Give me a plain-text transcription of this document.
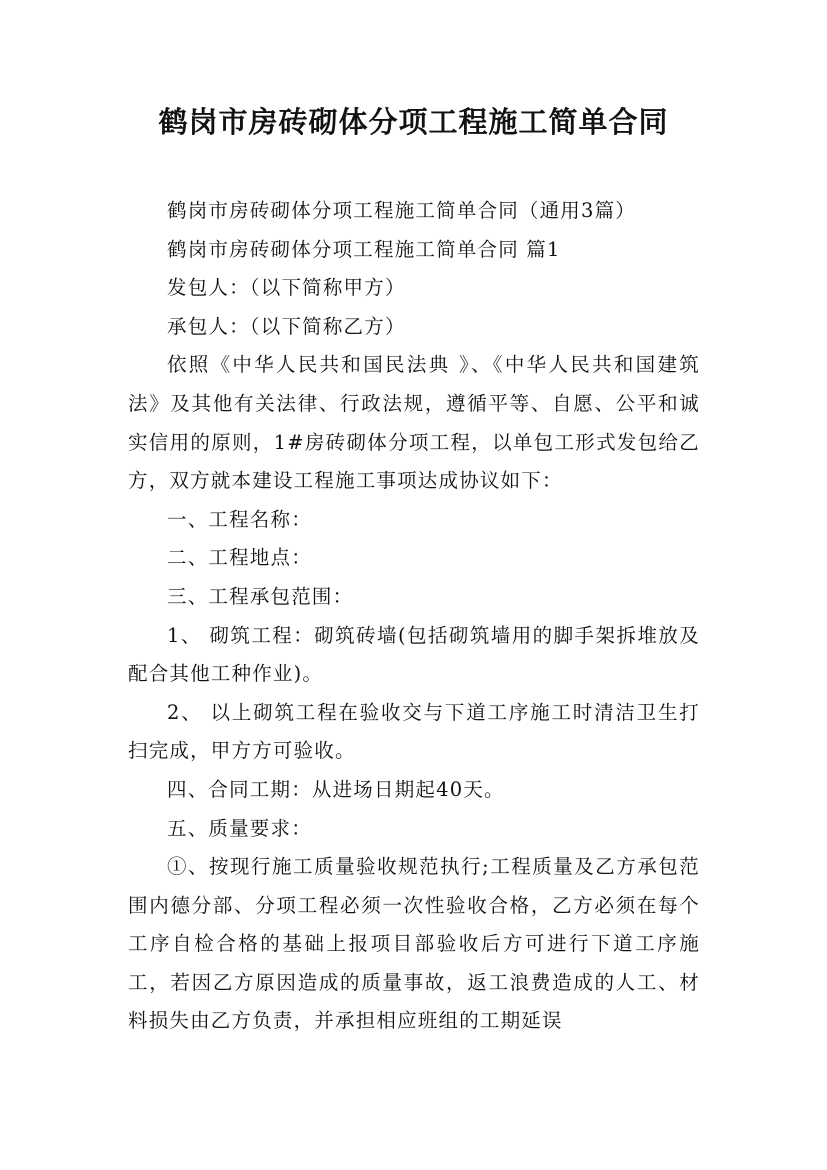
鹤岗市房砖砌体分项工程施工简单合同

鹤岗市房砖砌体分项工程施工简单合同（通用3篇）

鹤岗市房砖砌体分项工程施工简单合同 篇1

发包人：（以下简称甲方）

承包人：（以下简称乙方）

依照《中华人民共和国民法典 》、《中华人民共和国建筑法》及其他有关法律、行政法规，遵循平等、自愿、公平和诚实信用的原则，1#房砖砌体分项工程，以单包工形式发包给乙方，双方就本建设工程施工事项达成协议如下：

一、工程名称：

二、工程地点：

三、工程承包范围：

1、 砌筑工程：砌筑砖墙(包括砌筑墙用的脚手架拆堆放及配合其他工种作业)。

2、 以上砌筑工程在验收交与下道工序施工时清洁卫生打扫完成，甲方方可验收。

四、合同工期：从进场日期起40天。

五、质量要求：

①、按现行施工质量验收规范执行;工程质量及乙方承包范围内德分部、分项工程必须一次性验收合格，乙方必须在每个工序自检合格的基础上报项目部验收后方可进行下道工序施工，若因乙方原因造成的质量事故，返工浪费造成的人工、材料损失由乙方负责，并承担相应班组的工期延误
